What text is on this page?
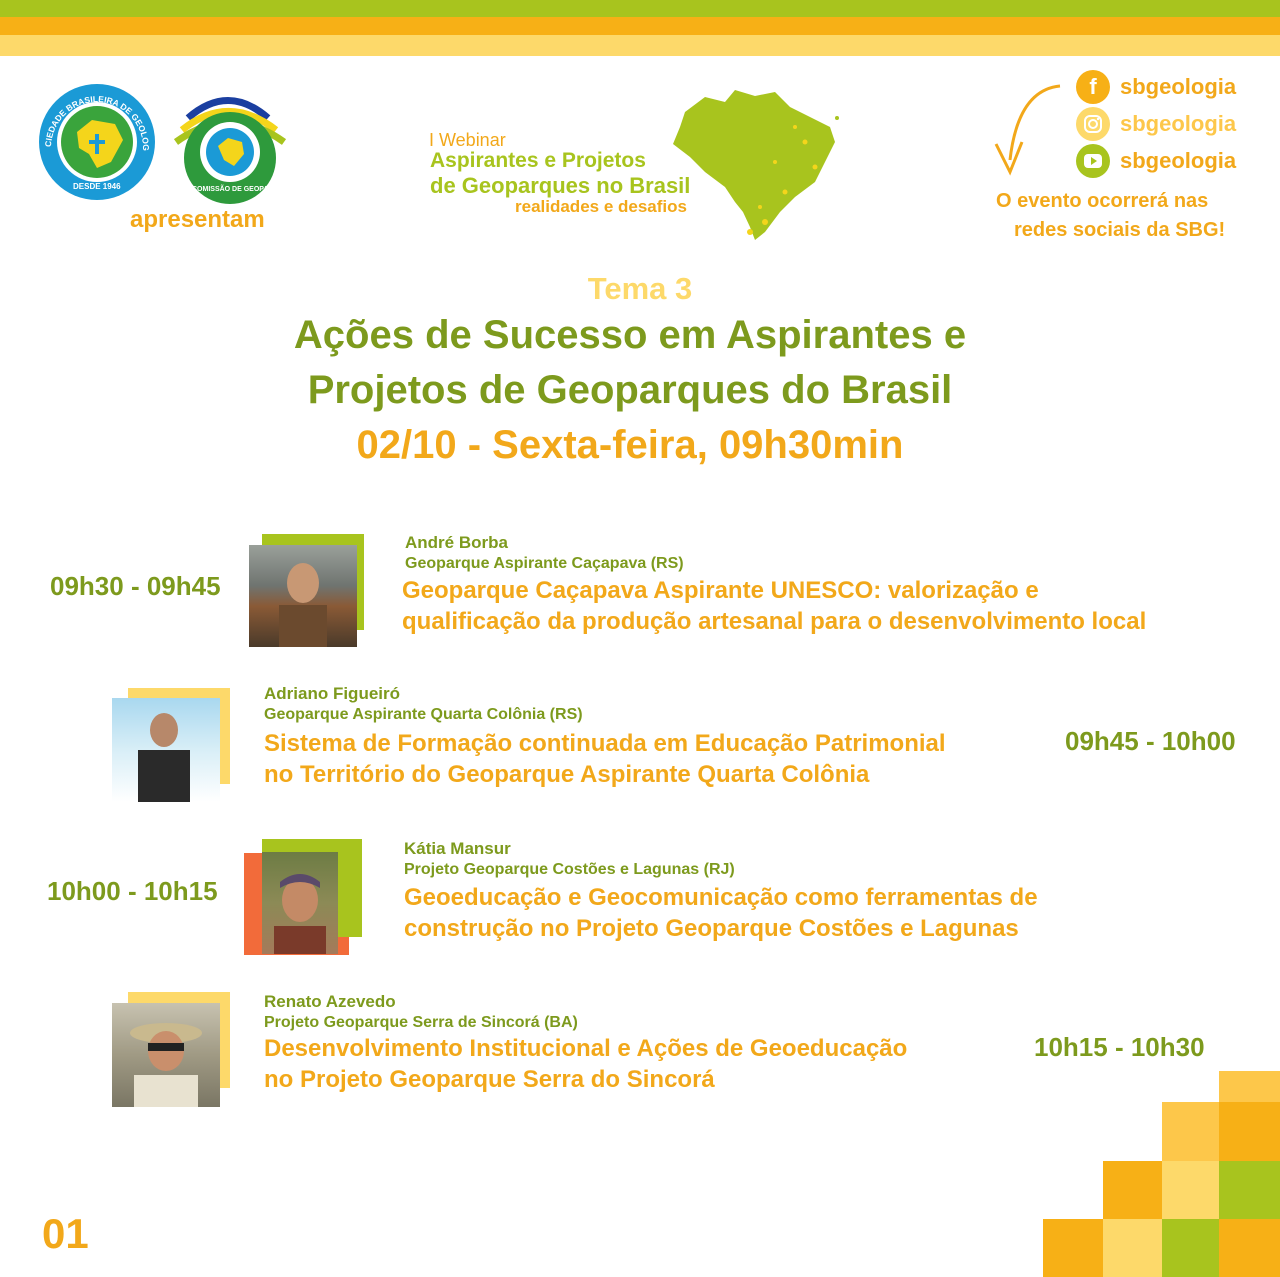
CIEDADE BRASILEIRA DE GEOLOG
DESDE 1946	COMISSÃO DE GEOPARQUES
apresentam
I Webinar
Aspirantes e Projetos
de Geoparques no Brasil
realidades e desafios
f sbgeologia
sbgeologia
sbgeologia
O evento ocorrerá nas
redes sociais da SBG!
Tema 3
Ações de Sucesso em Aspirantes e
Projetos de Geoparques do Brasil
02/10 - Sexta-feira, 09h30min
09h30 - 09h45
André Borba
Geoparque Aspirante Caçapava (RS)
Geoparque Caçapava Aspirante UNESCO: valorização e
qualificação da produção artesanal para o desenvolvimento local
Adriano Figueiró
Geoparque Aspirante Quarta Colônia (RS)
Sistema de Formação continuada em Educação Patrimonial
no Território do Geoparque Aspirante Quarta Colônia
09h45 - 10h00
10h00 - 10h15
Kátia Mansur
Projeto Geoparque Costões e Lagunas (RJ)
Geoeducação e Geocomunicação como ferramentas de
construção no Projeto Geoparque Costões e Lagunas
Renato Azevedo
Projeto Geoparque Serra de Sincorá (BA)
Desenvolvimento Institucional e Ações de Geoeducação
no Projeto Geoparque Serra do Sincorá
10h15 - 10h30
01
